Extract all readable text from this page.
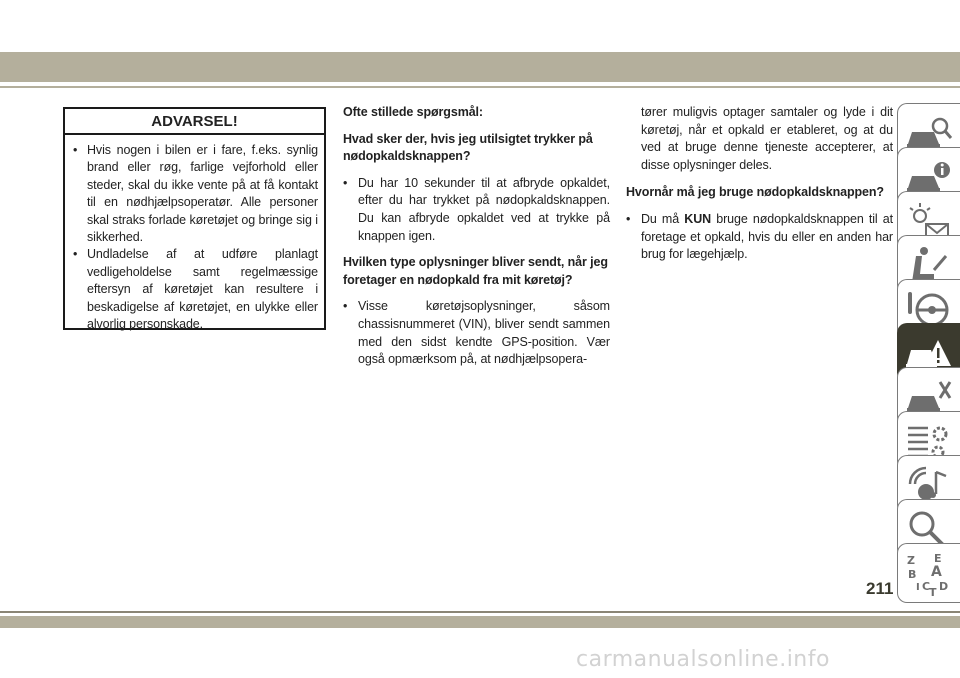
ADVARSEL!
• Hvis nogen i bilen er i fare, f.eks. synlig brand eller røg, farlige vejforhold eller steder, skal du ikke vente på at få kontakt til en nødhjælpsoperatør. Alle personer skal straks forlade køretøjet og bringe sig i sikkerhed.
• Undladelse af at udføre planlagt vedligeholdelse samt regelmæssige eftersyn af køretøjet kan resultere i beskadigelse af køretøjet, en ulykke eller alvorlig personskade.
Ofte stillede spørgsmål:
Hvad sker der, hvis jeg utilsigtet trykker på nødopkaldsknappen?
• Du har 10 sekunder til at afbryde opkaldet, efter du har trykket på nødopkaldsknappen. Du kan afbryde opkaldet ved at trykke på knappen igen.
Hvilken type oplysninger bliver sendt, når jeg foretager en nødopkald fra mit køretøj?
• Visse køretøjsoplysninger, såsom chassisnummeret (VIN), bliver sendt sammen med den sidst kendte GPS-position. Vær også opmærksom på, at nødhjælpsopera-
tører muligvis optager samtaler og lyde i dit køretøj, når et opkald er etableret, og at du ved at bruge denne tjeneste accepterer, at disse oplysninger deles.
Hvornår må jeg bruge nødopkaldsknappen?
• Du må KUN bruge nødopkaldsknappen til at foretage et opkald, hvis du eller en anden har brug for lægehjælp.
Z E
B A
I C
T D
211
carmanualsonline.info
